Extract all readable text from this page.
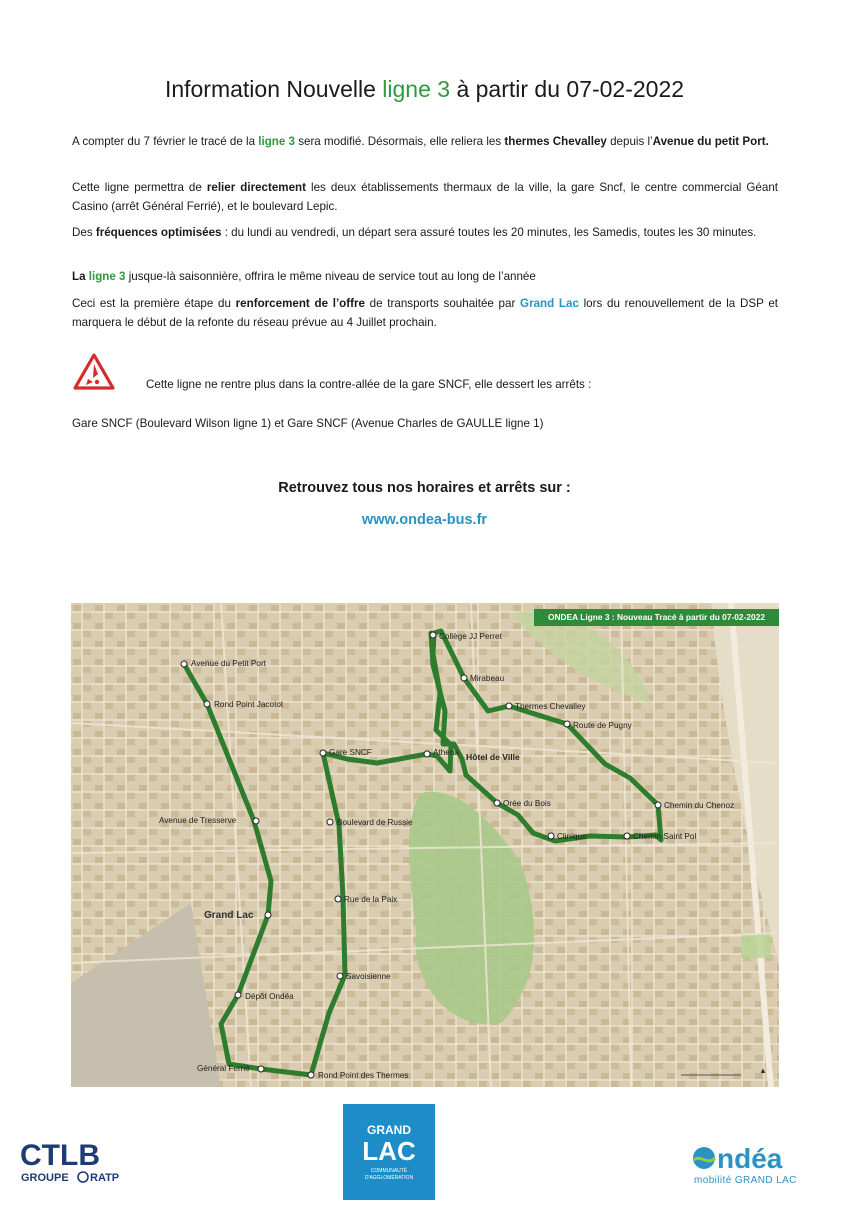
Information Nouvelle ligne 3 à partir du 07-02-2022

A compter du 7 février le tracé de la ligne 3 sera modifié. Désormais, elle reliera les thermes Chevalley depuis l’Avenue du petit Port.

Cette ligne permettra de relier directement les deux établissements thermaux de la ville, la gare Sncf, le centre commercial Géant Casino (arrêt Général Ferrié), et le boulevard Lepic.

Des fréquences optimisées : du lundi au vendredi, un départ sera assuré toutes les 20 minutes, les Samedis, toutes les 30 minutes.

La ligne 3 jusque-là saisonnière, offrira le même niveau de service tout au long de l’année

Ceci est la première étape du renforcement de l’offre de transports souhaitée par Grand Lac lors du renouvellement de la DSP et marquera le début de la refonte du réseau prévue au 4 Juillet prochain.

Cette ligne ne rentre plus dans la contre-allée de la gare SNCF, elle dessert les arrêts :
Gare SNCF (Boulevard Wilson ligne 1) et Gare SNCF (Avenue Charles de GAULLE ligne 1)
Retrouvez tous nos horaires et arrêts sur :
www.ondea-bus.fr
Avenue du Petit Port
Rond Point Jacotot
Avenue de Tresserve
Grand Lac
Dépôt Ondéa
Général Ferrié
Rond Point des Thermes
Savoisienne
Rue de la Paix
Boulevard de Russie
Gare SNCF	Athena Hôtel de Ville
Collège JJ Perret
Mirabeau
Thermes Chevalley
Route de Pugny
Chemin du Chenoz
Chemin Saint Pol
Clinique
Orée du Bois
▲
ONDEA Ligne 3 : Nouveau Tracé à partir du 07-02-2022
CTLB
GROUPE RATP
GRAND
LAC
COMMUNAUTÉ
D'AGGLOMÉRATION
ndéa
mobilité GRAND LAC
